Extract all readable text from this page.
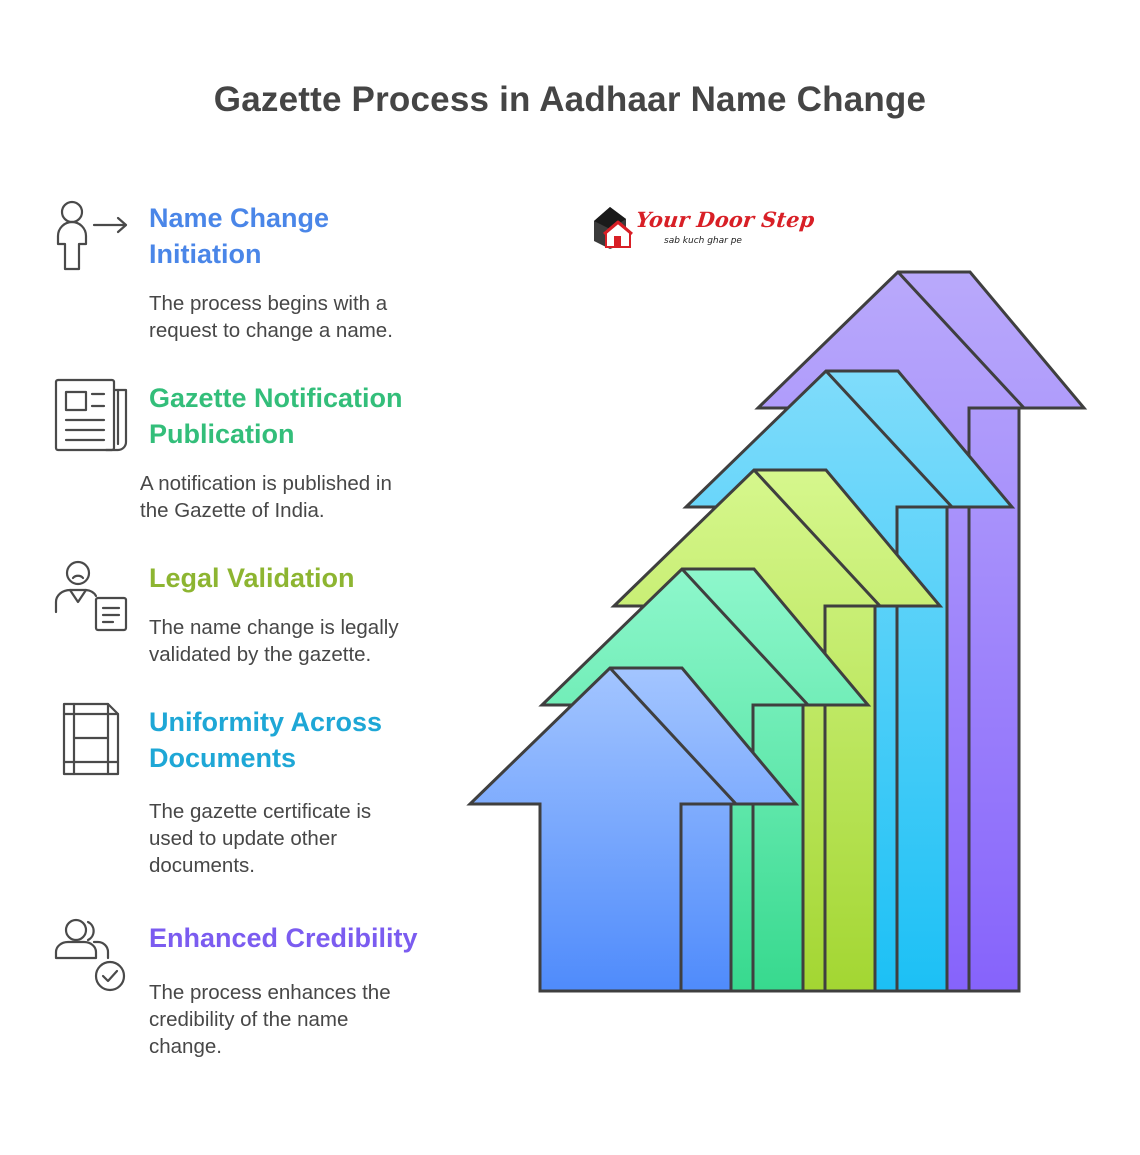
Gazette Process in Aadhaar Name Change
Name Change
Initiation
The process begins with a
request to change a name.
Gazette Notification
Publication
A notification is published in
the Gazette of India.
Legal Validation
The name change is legally
validated by the gazette.
Uniformity Across
Documents
The gazette certificate is
used to update other
documents.
Enhanced Credibility
The process enhances the
credibility of the name
change.
Your Door Step
sab kuch ghar pe
